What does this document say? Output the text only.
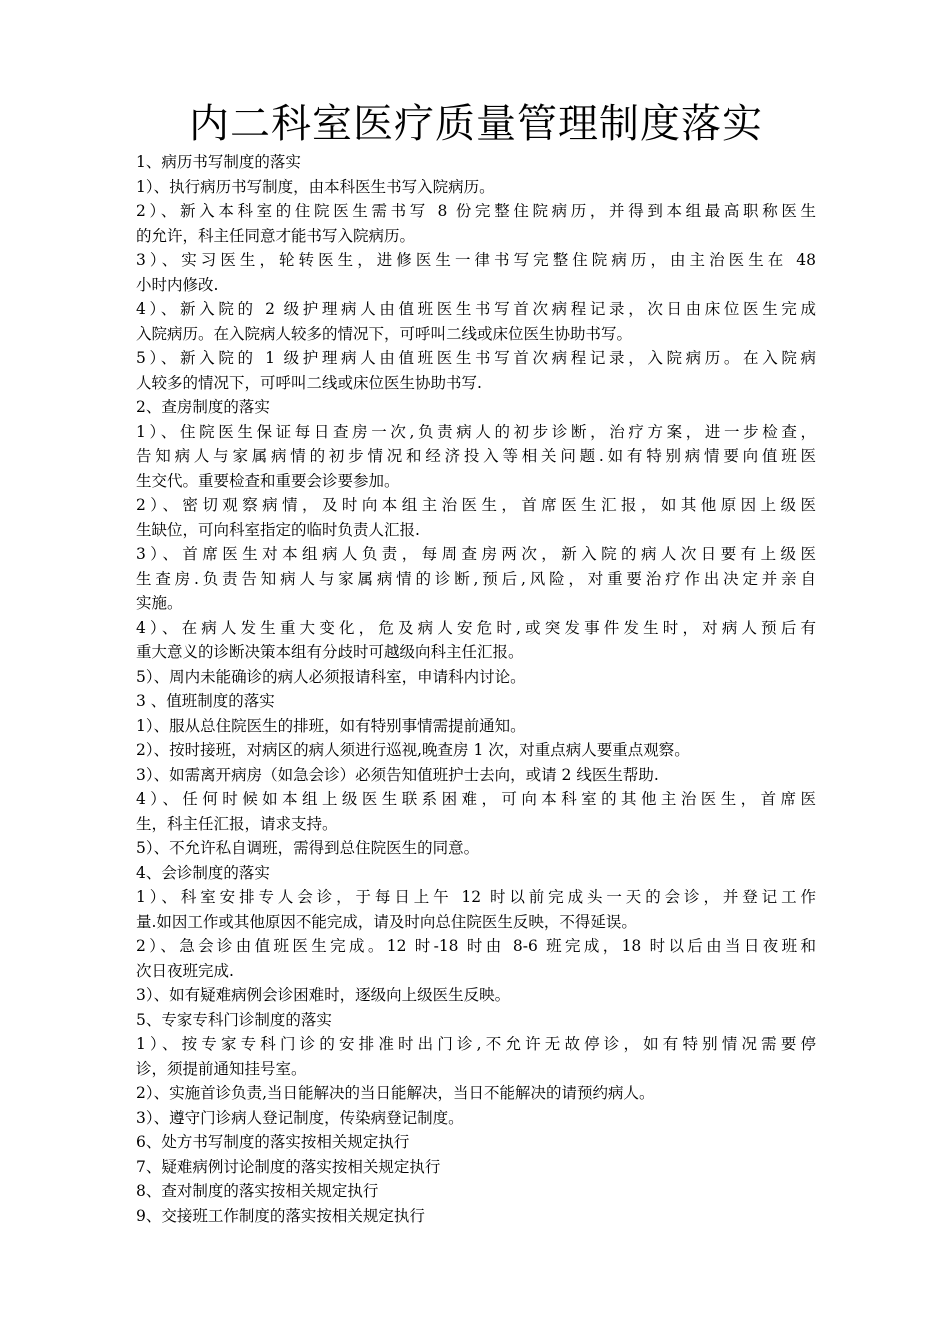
内二科室医疗质量管理制度落实
1、病历书写制度的落实
1）、执行病历书写制度，由本科医生书写入院病历。
2）、新入本科室的住院医生需书写 8 份完整住院病历，并得到本组最高职称医生
的允许，科主任同意才能书写入院病历。
3）、实习医生，轮转医生，进修医生一律书写完整住院病历，由主治医生在 48
小时内修改.
4）、新入院的 2 级护理病人由值班医生书写首次病程记录，次日由床位医生完成
入院病历。在入院病人较多的情况下，可呼叫二线或床位医生协助书写。
5）、新入院的 1 级护理病人由值班医生书写首次病程记录，入院病历。在入院病
人较多的情况下，可呼叫二线或床位医生协助书写.
2、查房制度的落实
1）、住院医生保证每日查房一次,负责病人的初步诊断，治疗方案，进一步检查，
告知病人与家属病情的初步情况和经济投入等相关问题.如有特别病情要向值班医
生交代。重要检查和重要会诊要参加。
2）、密切观察病情，及时向本组主治医生，首席医生汇报，如其他原因上级医
生缺位，可向科室指定的临时负责人汇报.
3）、首席医生对本组病人负责，每周查房两次，新入院的病人次日要有上级医
生查房.负责告知病人与家属病情的诊断,预后,风险，对重要治疗作出决定并亲自
实施。
4）、在病人发生重大变化，危及病人安危时,或突发事件发生时，对病人预后有
重大意义的诊断决策本组有分歧时可越级向科主任汇报。
5）、周内未能确诊的病人必须报请科室，申请科内讨论。
3 、值班制度的落实
1）、服从总住院医生的排班，如有特别事情需提前通知。
2）、按时接班，对病区的病人须进行巡视,晚查房 1 次，对重点病人要重点观察。
3）、如需离开病房（如急会诊）必须告知值班护士去向，或请 2 线医生帮助.
4）、任何时候如本组上级医生联系困难，可向本科室的其他主治医生，首席医
生，科主任汇报，请求支持。
5）、不允许私自调班，需得到总住院医生的同意。
4、会诊制度的落实
1）、科室安排专人会诊，于每日上午 12 时以前完成头一天的会诊，并登记工作
量.如因工作或其他原因不能完成，请及时向总住院医生反映，不得延误。
2）、急会诊由值班医生完成。12 时-18 时由 8-6 班完成，18 时以后由当日夜班和
次日夜班完成.
3）、如有疑难病例会诊困难时，逐级向上级医生反映。
5、专家专科门诊制度的落实
1）、按专家专科门诊的安排准时出门诊,不允许无故停诊，如有特别情况需要停
诊，须提前通知挂号室。
2）、实施首诊负责,当日能解决的当日能解决，当日不能解决的请预约病人。
3）、遵守门诊病人登记制度，传染病登记制度。
6、处方书写制度的落实按相关规定执行
7、疑难病例讨论制度的落实按相关规定执行
8、查对制度的落实按相关规定执行
9、交接班工作制度的落实按相关规定执行
